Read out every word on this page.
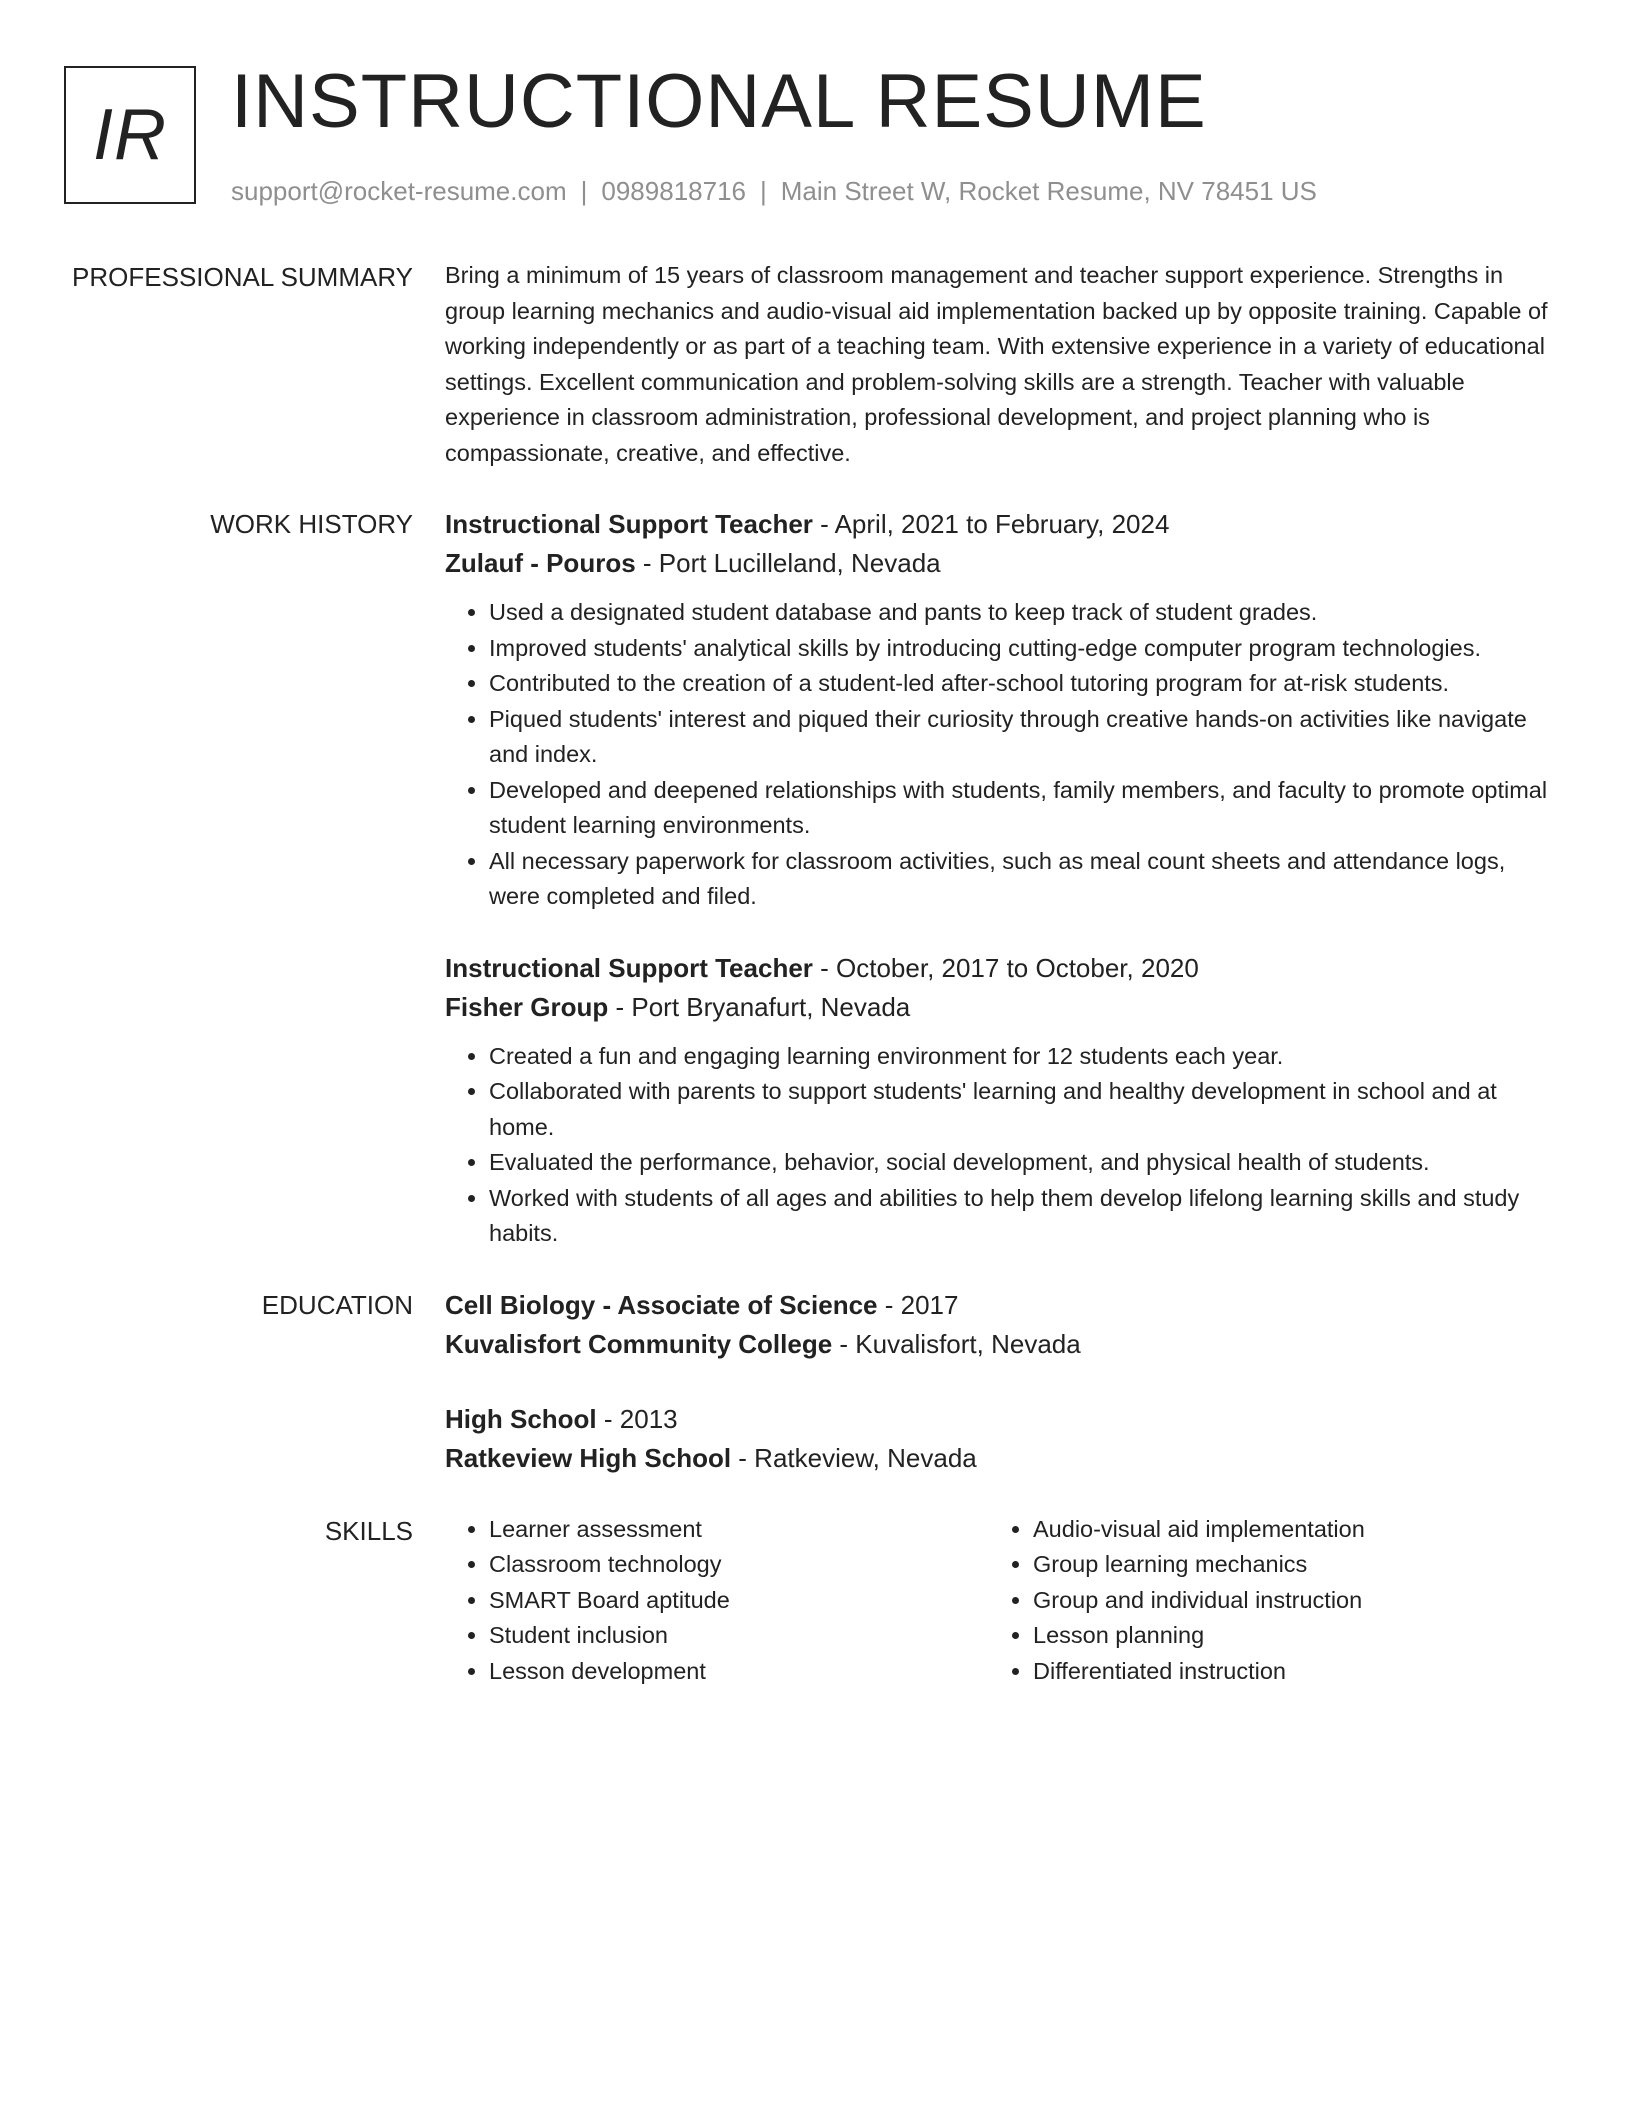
IR INSTRUCTIONAL RESUME
support@rocket-resume.com | 0989818716 | Main Street W, Rocket Resume, NV 78451 US
PROFESSIONAL SUMMARY Bring a minimum of 15 years of classroom management and teacher support experience. Strengths in group learning mechanics and audio-visual aid implementation backed up by opposite training. Capable of working independently or as part of a teaching team. With extensive experience in a variety of educational settings. Excellent communication and problem-solving skills are a strength. Teacher with valuable experience in classroom administration, professional development, and project planning who is compassionate, creative, and effective.

WORK HISTORY Instructional Support Teacher - April, 2021 to February, 2024
Zulauf - Pouros - Port Lucilleland, Nevada
• Used a designated student database and pants to keep track of student grades.
• Improved students' analytical skills by introducing cutting-edge computer program technologies.
• Contributed to the creation of a student-led after-school tutoring program for at-risk students.
• Piqued students' interest and piqued their curiosity through creative hands-on activities like navigate and index.
• Developed and deepened relationships with students, family members, and faculty to promote optimal student learning environments.
• All necessary paperwork for classroom activities, such as meal count sheets and attendance logs, were completed and filed.
Instructional Support Teacher - October, 2017 to October, 2020
Fisher Group - Port Bryanafurt, Nevada
• Created a fun and engaging learning environment for 12 students each year.
• Collaborated with parents to support students' learning and healthy development in school and at home.
• Evaluated the performance, behavior, social development, and physical health of students.
• Worked with students of all ages and abilities to help them develop lifelong learning skills and study habits.
EDUCATION Cell Biology - Associate of Science - 2017
Kuvalisfort Community College - Kuvalisfort, Nevada
High School - 2013
Ratkeview High School - Ratkeview, Nevada
SKILLS
•	Learner assessment
• Classroom technology
• SMART Board aptitude
• Student inclusion
• Lesson development
• Audio-visual aid implementation
• Group learning mechanics
• Group and individual instruction
• Lesson planning
• Differentiated instruction
